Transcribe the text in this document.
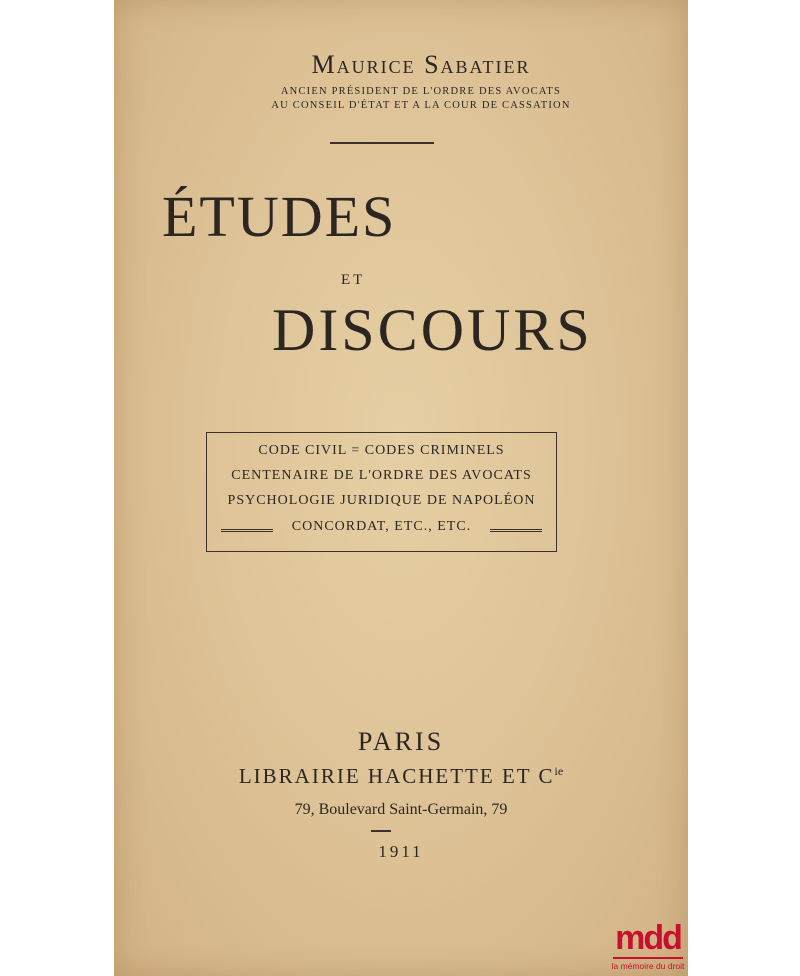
Maurice Sabatier
ANCIEN PRÉSIDENT DE L'ORDRE DES AVOCATS
AU CONSEIL D'ÉTAT ET A LA COUR DE CASSATION
ÉTUDES
ET
DISCOURS
CODE CIVIL = CODES CRIMINELS
CENTENAIRE DE L'ORDRE DES AVOCATS
PSYCHOLOGIE JURIDIQUE DE NAPOLÉON
CONCORDAT, ETC., ETC.
PARIS
LIBRAIRIE HACHETTE ET $C^{ie}$
79, Boulevard Saint-Germain, 79
1911
mdd
la mémoire du droit
